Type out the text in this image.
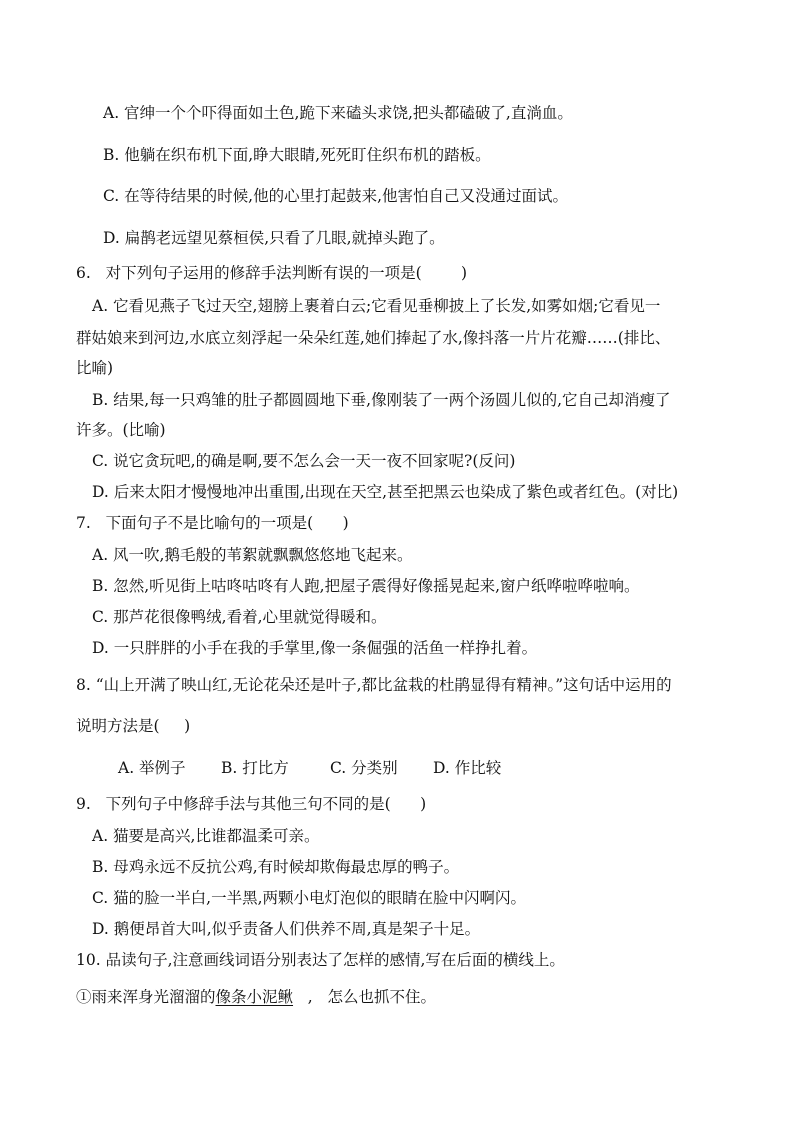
A. 官绅一个个吓得面如土色,跪下来磕头求饶,把头都磕破了,直淌血。
B. 他躺在织布机下面,睁大眼睛,死死盯住织布机的踏板。
C. 在等待结果的时候,他的心里打起鼓来,他害怕自己又没通过面试。
D. 扁鹊老远望见蔡桓侯,只看了几眼,就掉头跑了。
6.   对下列句子运用的修辞手法判断有误的一项是(        )
A. 它看见燕子飞过天空,翅膀上裹着白云;它看见垂柳披上了长发,如雾如烟;它看见一
群姑娘来到河边,水底立刻浮起一朵朵红莲,她们捧起了水,像抖落一片片花瓣……(排比、
比喻)
B. 结果,每一只鸡雏的肚子都圆圆地下垂,像刚装了一两个汤圆儿似的,它自己却消瘦了
许多。(比喻)
C. 说它贪玩吧,的确是啊,要不怎么会一天一夜不回家呢?(反问)
D. 后来太阳才慢慢地冲出重围,出现在天空,甚至把黑云也染成了紫色或者红色。(对比)
7.   下面句子不是比喻句的一项是(      )
A. 风一吹,鹅毛般的苇絮就飘飘悠悠地飞起来。
B. 忽然,听见街上咕咚咕咚有人跑,把屋子震得好像摇晃起来,窗户纸哗啦哗啦响。
C. 那芦花很像鸭绒,看着,心里就觉得暖和。
D. 一只胖胖的小手在我的手掌里,像一条倔强的活鱼一样挣扎着。
8. “山上开满了映山红,无论花朵还是叶子,都比盆栽的杜鹃显得有精神。”这句话中运用的
说明方法是(     )
A. 举例子 B. 打比方	C. 分类别 D. 作比较
9.   下列句子中修辞手法与其他三句不同的是(      )
A. 猫要是高兴,比谁都温柔可亲。
B. 母鸡永远不反抗公鸡,有时候却欺侮最忠厚的鸭子。
C. 猫的脸一半白,一半黑,两颗小电灯泡似的眼睛在脸中闪啊闪。
D. 鹅便昂首大叫,似乎责备人们供养不周,真是架子十足。
10. 品读句子,注意画线词语分别表达了怎样的感情,写在后面的横线上。
①雨来浑身光溜溜的像条小泥鳅   ,   怎么也抓不住。
